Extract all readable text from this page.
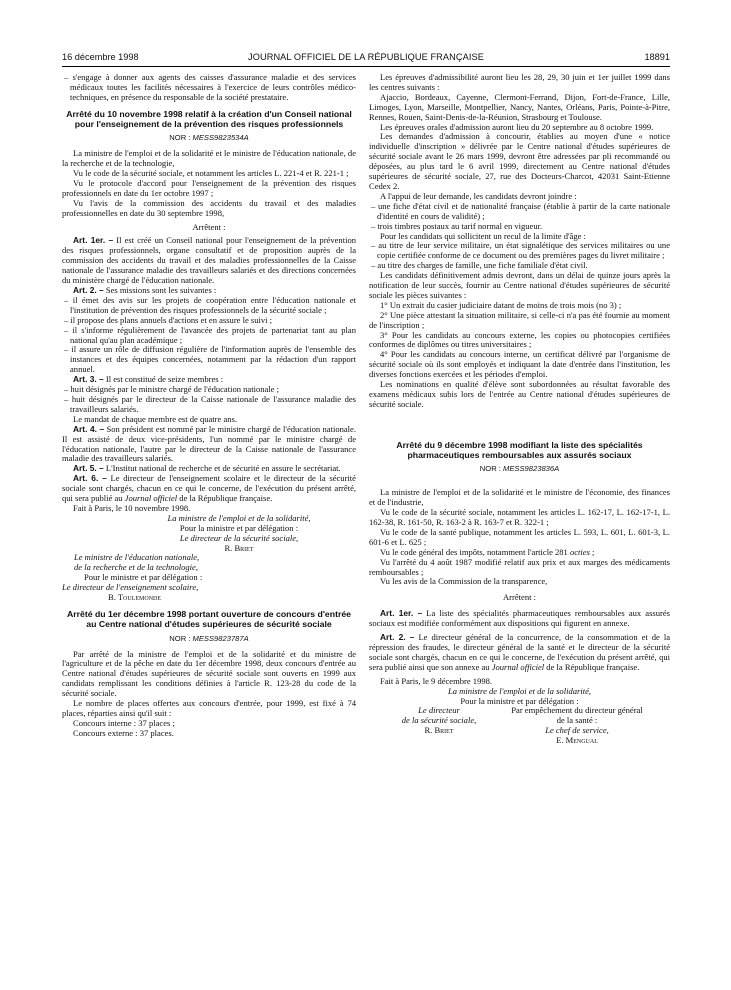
16 décembre 1998	JOURNAL OFFICIEL DE LA RÉPUBLIQUE FRANÇAISE	18891

– s'engage à donner aux agents des caisses d'assurance maladie et des services médicaux toutes les facilités nécessaires à l'exercice de leurs contrôles médico-techniques, en présence du responsable de la société prestataire.

Arrêté du 10 novembre 1998 relatif à la création d'un Conseil national pour l'enseignement de la prévention des risques professionnels
NOR : MESS9823534A

La ministre de l'emploi et de la solidarité et le ministre de l'éducation nationale, de la recherche et de la technologie,

Vu le code de la sécurité sociale, et notamment les articles L. 221-4 et R. 221-1 ;

Vu le protocole d'accord pour l'enseignement de la prévention des risques professionnels en date du 1er octobre 1997 ;

Vu l'avis de la commission des accidents du travail et des maladies professionnelles en date du 30 septembre 1998,

Arrêtent :

Art. 1er. – Il est créé un Conseil national pour l'enseignement de la prévention des risques professionnels, organe consultatif et de proposition auprès de la commission des accidents du travail et des maladies professionnelles de la Caisse nationale de l'assurance maladie des travailleurs salariés et des directions concernées du ministère chargé de l'éducation nationale.

Art. 2. – Ses missions sont les suivantes :

– il émet des avis sur les projets de coopération entre l'éducation nationale et l'institution de prévention des risques professionnels de la sécurité sociale ;

– il propose des plans annuels d'actions et en assure le suivi ;

– il s'informe régulièrement de l'avancée des projets de partenariat tant au plan national qu'au plan académique ;

– il assure un rôle de diffusion régulière de l'information auprès de l'ensemble des instances et des équipes concernées, notamment par la rédaction d'un rapport annuel.

Art. 3. – Il est constitué de seize membres :

– huit désignés par le ministre chargé de l'éducation nationale ;

– huit désignés par le directeur de la Caisse nationale de l'assurance maladie des travailleurs salariés.

Le mandat de chaque membre est de quatre ans.

Art. 4. – Son président est nommé par le ministre chargé de l'éducation nationale. Il est assisté de deux vice-présidents, l'un nommé par le ministre chargé de l'éducation nationale, l'autre par le directeur de la Caisse nationale de l'assurance maladie des travailleurs salariés.

Art. 5. – L'Institut national de recherche et de sécurité en assure le secrétariat.

Art. 6. – Le directeur de l'enseignement scolaire et le directeur de la sécurité sociale sont chargés, chacun en ce qui le concerne, de l'exécution du présent arrêté, qui sera publié au Journal officiel de la République française.

Fait à Paris, le 10 novembre 1998.

La ministre de l'emploi et de la solidarité,

Pour la ministre et par délégation :

Le directeur de la sécurité sociale,

R. Briet

Le ministre de l'éducation nationale,

de la recherche et de la technologie,

Pour le ministre et par délégation :

Le directeur de l'enseignement scolaire,

B. Toulemonde

Arrêté du 1er décembre 1998 portant ouverture de concours d'entrée au Centre national d'études supérieures de sécurité sociale
NOR : MESS9823787A

Par arrêté de la ministre de l'emploi et de la solidarité et du ministre de l'agriculture et de la pêche en date du 1er décembre 1998, deux concours d'entrée au Centre national d'études supérieures de sécurité sociale sont ouverts en 1999 aux candidats remplissant les conditions définies à l'article R. 123-28 du code de la sécurité sociale.

Le nombre de places offertes aux concours d'entrée, pour 1999, est fixé à 74 places, réparties ainsi qu'il suit :

Concours interne : 37 places ;

Concours externe : 37 places.

Les épreuves d'admissibilité auront lieu les 28, 29, 30 juin et 1er juillet 1999 dans les centres suivants :

Ajaccio, Bordeaux, Cayenne, Clermont-Ferrand, Dijon, Fort-de-France, Lille, Limoges, Lyon, Marseille, Montpellier, Nancy, Nantes, Orléans, Paris, Pointe-à-Pitre, Rennes, Rouen, Saint-Denis-de-la-Réunion, Strasbourg et Toulouse.

Les épreuves orales d'admission auront lieu du 20 septembre au 8 octobre 1999.

Les demandes d'admission à concourir, établies au moyen d'une « notice individuelle d'inscription » délivrée par le Centre national d'études supérieures de sécurité sociale avant le 26 mars 1999, devront être adressées par pli recommandé ou déposées, au plus tard le 6 avril 1999, directement au Centre national d'études supérieures de sécurité sociale, 27, rue des Docteurs-Charcot, 42031 Saint-Etienne Cedex 2.

A l'appui de leur demande, les candidats devront joindre :

– une fiche d'état civil et de nationalité française (établie à partir de la carte nationale d'identité en cours de validité) ;

– trois timbres postaux au tarif normal en vigueur.

Pour les candidats qui sollicitent un recul de la limite d'âge :

– au titre de leur service militaire, un état signalétique des services militaires ou une copie certifiée conforme de ce document ou des premières pages du livret militaire ;

– au titre des charges de famille, une fiche familiale d'état civil.

Les candidats définitivement admis devront, dans un délai de quinze jours après la notification de leur succès, fournir au Centre national d'études supérieures de sécurité sociale les pièces suivantes :

1° Un extrait du casier judiciaire datant de moins de trois mois (no 3) ;

2° Une pièce attestant la situation militaire, si celle-ci n'a pas été fournie au moment de l'inscription ;

3° Pour les candidats au concours externe, les copies ou photocopies certifiées conformes de diplômes ou titres universitaires ;

4° Pour les candidats au concours interne, un certificat délivré par l'organisme de sécurité sociale où ils sont employés et indiquant la date d'entrée dans l'institution, les diverses fonctions exercées et les périodes d'emploi.

Les nominations en qualité d'élève sont subordonnées au résultat favorable des examens médicaux subis lors de l'entrée au Centre national d'études supérieures de sécurité sociale.

Arrêté du 9 décembre 1998 modifiant la liste des spécialités pharmaceutiques remboursables aux assurés sociaux
NOR : MESS9823836A

La ministre de l'emploi et de la solidarité et le ministre de l'économie, des finances et de l'industrie,

Vu le code de la sécurité sociale, notamment les articles L. 162-17, L. 162-17-1, L. 162-38, R. 161-50, R. 163-2 à R. 163-7 et R. 322-1 ;

Vu le code de la santé publique, notamment les articles L. 593, L. 601, L. 601-3, L. 601-6 et L. 625 ;

Vu le code général des impôts, notamment l'article 281 octies ;

Vu l'arrêté du 4 août 1987 modifié relatif aux prix et aux marges des médicaments remboursables ;

Vu les avis de la Commission de la transparence,

Arrêtent :

Art. 1er. – La liste des spécialités pharmaceutiques remboursables aux assurés sociaux est modifiée conformément aux dispositions qui figurent en annexe.

Art. 2. – Le directeur général de la concurrence, de la consommation et de la répression des fraudes, le directeur général de la santé et le directeur de la sécurité sociale sont chargés, chacun en ce qui le concerne, de l'exécution du présent arrêté, qui sera publié ainsi que son annexe au Journal officiel de la République française.

Fait à Paris, le 9 décembre 1998.

La ministre de l'emploi et de la solidarité,

Pour la ministre et par délégation :

Le directeur
de la sécurité sociale,
R. Briet
Par empêchement du directeur général
de la santé :
Le chef de service,
E. Mengual
